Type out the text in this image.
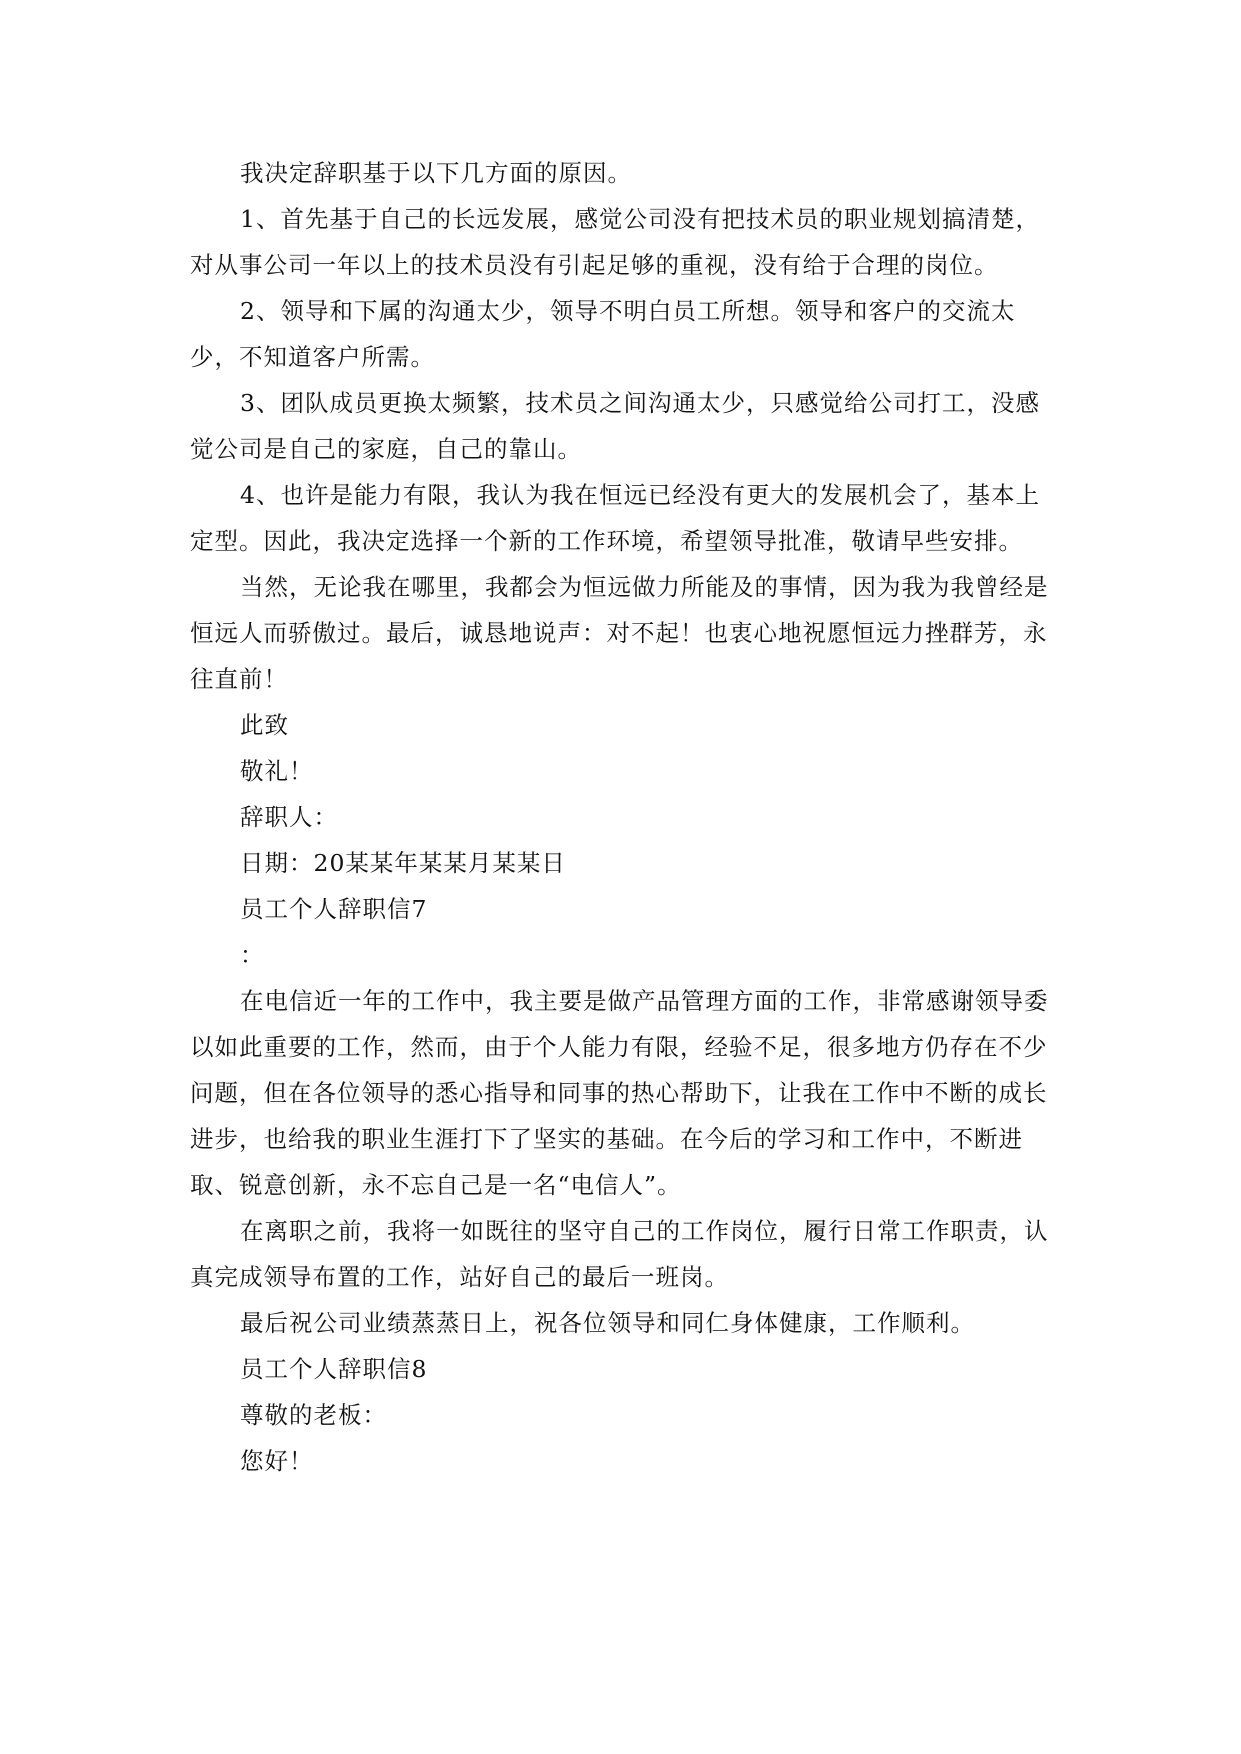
我决定辞职基于以下几方面的原因。

1、首先基于自己的长远发展，感觉公司没有把技术员的职业规划搞清楚，对从事公司一年以上的技术员没有引起足够的重视，没有给于合理的岗位。

2、领导和下属的沟通太少，领导不明白员工所想。领导和客户的交流太少，不知道客户所需。

3、团队成员更换太频繁，技术员之间沟通太少，只感觉给公司打工，没感觉公司是自己的家庭，自己的靠山。

4、也许是能力有限，我认为我在恒远已经没有更大的发展机会了，基本上定型。因此，我决定选择一个新的工作环境，希望领导批准，敬请早些安排。

当然，无论我在哪里，我都会为恒远做力所能及的事情，因为我为我曾经是恒远人而骄傲过。最后，诚恳地说声：对不起！也衷心地祝愿恒远力挫群芳，永往直前！

此致

敬礼！

辞职人：

日期：20某某年某某月某某日

员工个人辞职信7

：

在电信近一年的工作中，我主要是做产品管理方面的工作，非常感谢领导委以如此重要的工作，然而，由于个人能力有限，经验不足，很多地方仍存在不少问题，但在各位领导的悉心指导和同事的热心帮助下，让我在工作中不断的成长进步，也给我的职业生涯打下了坚实的基础。在今后的学习和工作中，不断进取、锐意创新，永不忘自己是一名“电信人”。

在离职之前，我将一如既往的坚守自己的工作岗位，履行日常工作职责，认真完成领导布置的工作，站好自己的最后一班岗。

最后祝公司业绩蒸蒸日上，祝各位领导和同仁身体健康，工作顺利。

员工个人辞职信8

尊敬的老板：

您好！
